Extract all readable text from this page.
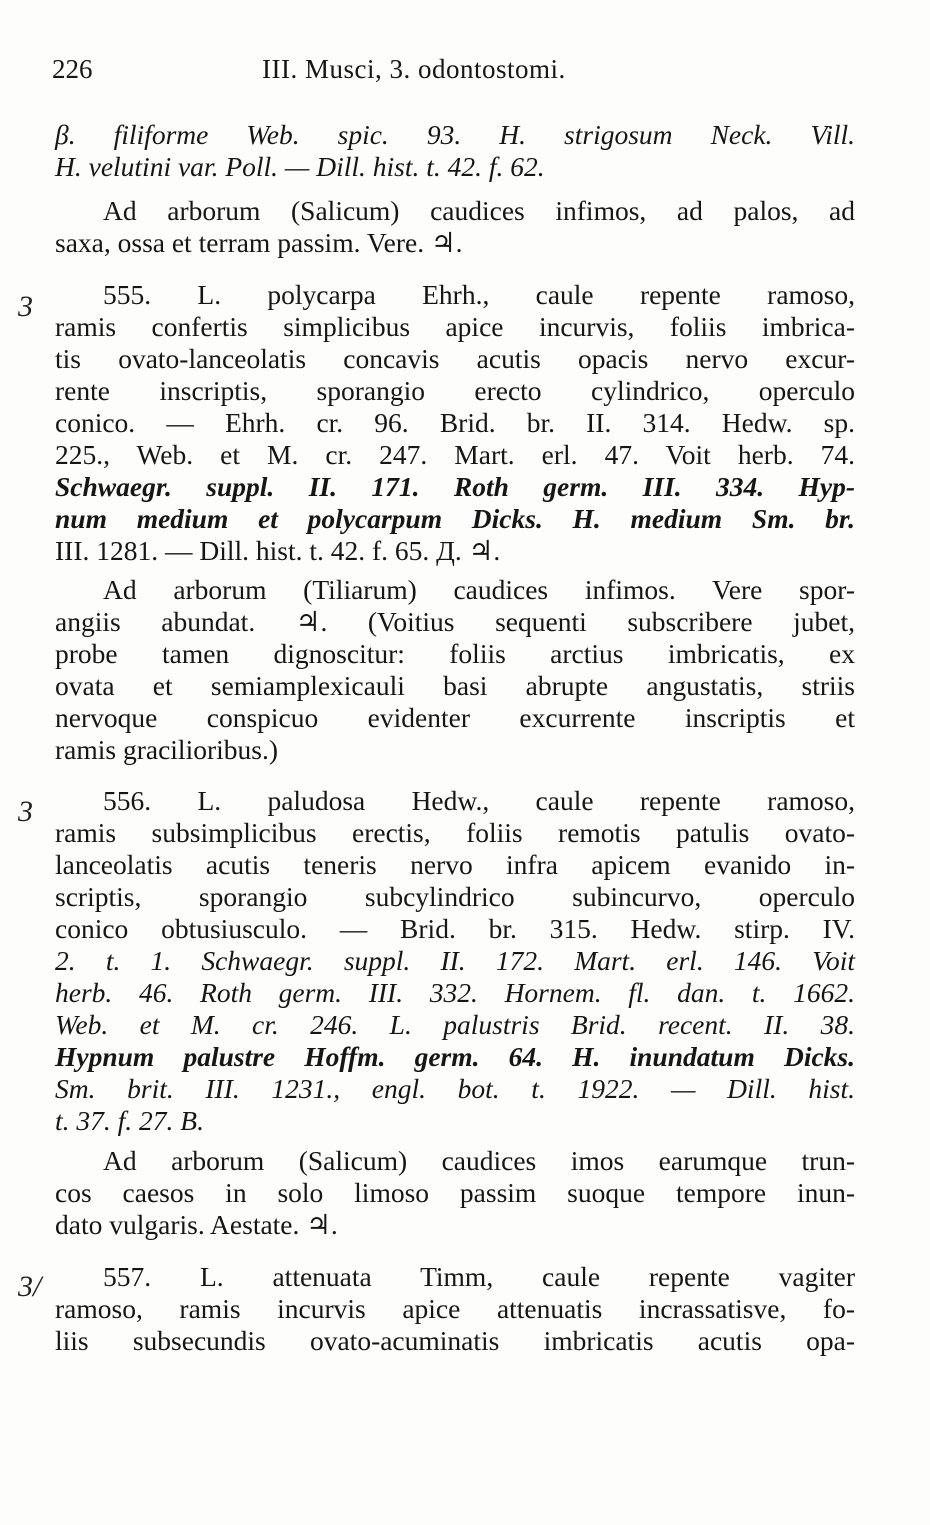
226	III. Musci, 3. odontostomi.
3
3
3/
β. filiforme Web. spic. 93. H. strigosum Neck. Vill.
H. velutini var. Poll. — Dill. hist. t. 42. f. 62.
Ad arborum (Salicum) caudices infimos, ad palos, ad
saxa, ossa et terram passim. Vere. ♃.
555. L. polycarpa Ehrh., caule repente ramoso,
ramis confertis simplicibus apice incurvis, foliis imbrica-
tis ovato-lanceolatis concavis acutis opacis nervo excur-
rente inscriptis, sporangio erecto cylindrico, operculo
conico. — Ehrh. cr. 96. Brid. br. II. 314. Hedw. sp.
225., Web. et M. cr. 247. Mart. erl. 47. Voit herb. 74.
Schwaegr. suppl. II. 171. Roth germ. III. 334. Hyp-
num medium et polycarpum Dicks. H. medium Sm. br.
III. 1281. — Dill. hist. t. 42. f. 65. Д. ♃.
Ad arborum (Tiliarum) caudices infimos. Vere spor-
angiis abundat. ♃. (Voitius sequenti subscribere jubet,
probe tamen dignoscitur: foliis arctius imbricatis, ex
ovata et semiamplexicauli basi abrupte angustatis, striis
nervoque conspicuo evidenter excurrente inscriptis et
ramis gracilioribus.)
556. L. paludosa Hedw., caule repente ramoso,
ramis subsimplicibus erectis, foliis remotis patulis ovato-
lanceolatis acutis teneris nervo infra apicem evanido in-
scriptis, sporangio subcylindrico subincurvo, operculo
conico obtusiusculo. — Brid. br. 315. Hedw. stirp. IV.
2. t. 1. Schwaegr. suppl. II. 172. Mart. erl. 146. Voit
herb. 46. Roth germ. III. 332. Hornem. fl. dan. t. 1662.
Web. et M. cr. 246. L. palustris Brid. recent. II. 38.
Hypnum palustre Hoffm. germ. 64. H. inundatum Dicks.
Sm. brit. III. 1231., engl. bot. t. 1922. — Dill. hist.
t. 37. f. 27. B.
Ad arborum (Salicum) caudices imos earumque trun-
cos caesos in solo limoso passim suoque tempore inun-
dato vulgaris. Aestate. ♃.
557. L. attenuata Timm, caule repente vagiter
ramoso, ramis incurvis apice attenuatis incrassatisve, fo-
liis subsecundis ovato-acuminatis imbricatis acutis opa-
